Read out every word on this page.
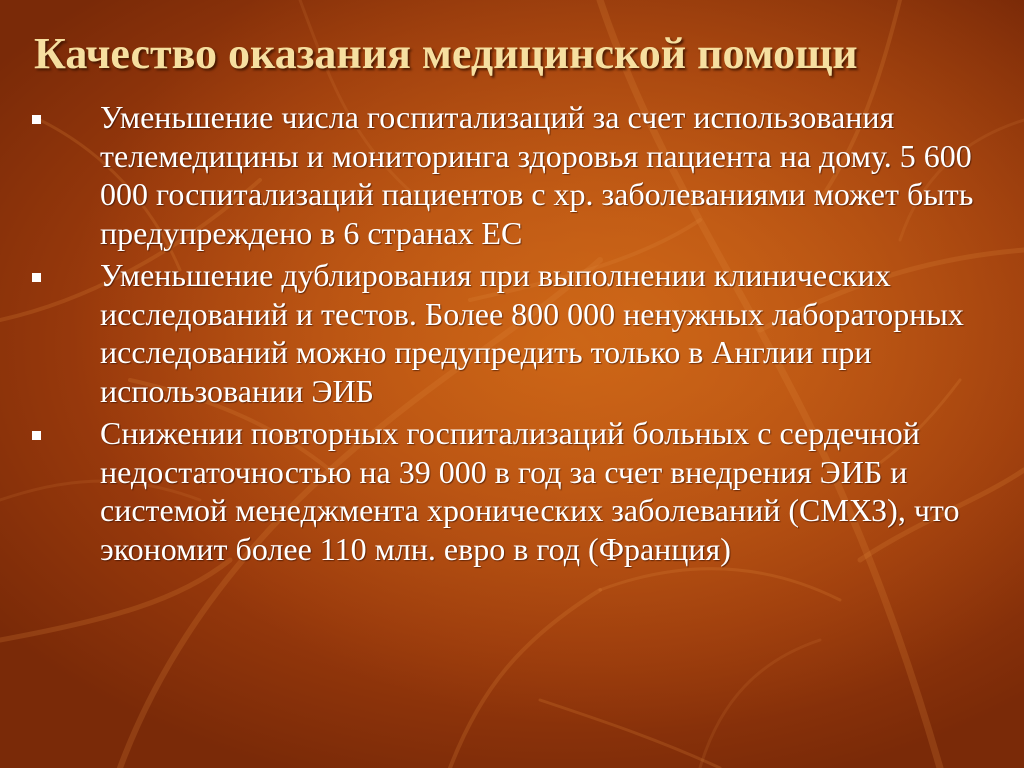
Качество оказания медицинской помощи
Уменьшение числа госпитализаций за счет использования телемедицины и мониторинга здоровья пациента на дому. 5 600 000 госпитализаций пациентов с хр. заболеваниями может быть предупреждено в 6 странах ЕС
Уменьшение дублирования при выполнении клинических исследований и тестов. Более 800 000 ненужных лабораторных исследований можно предупредить только в Англии при использовании ЭИБ
Снижении повторных госпитализаций больных с сердечной недостаточностью на 39 000 в год за счет внедрения ЭИБ и системой менеджмента хронических заболеваний (СМХЗ), что экономит более 110 млн. евро в год (Франция)
